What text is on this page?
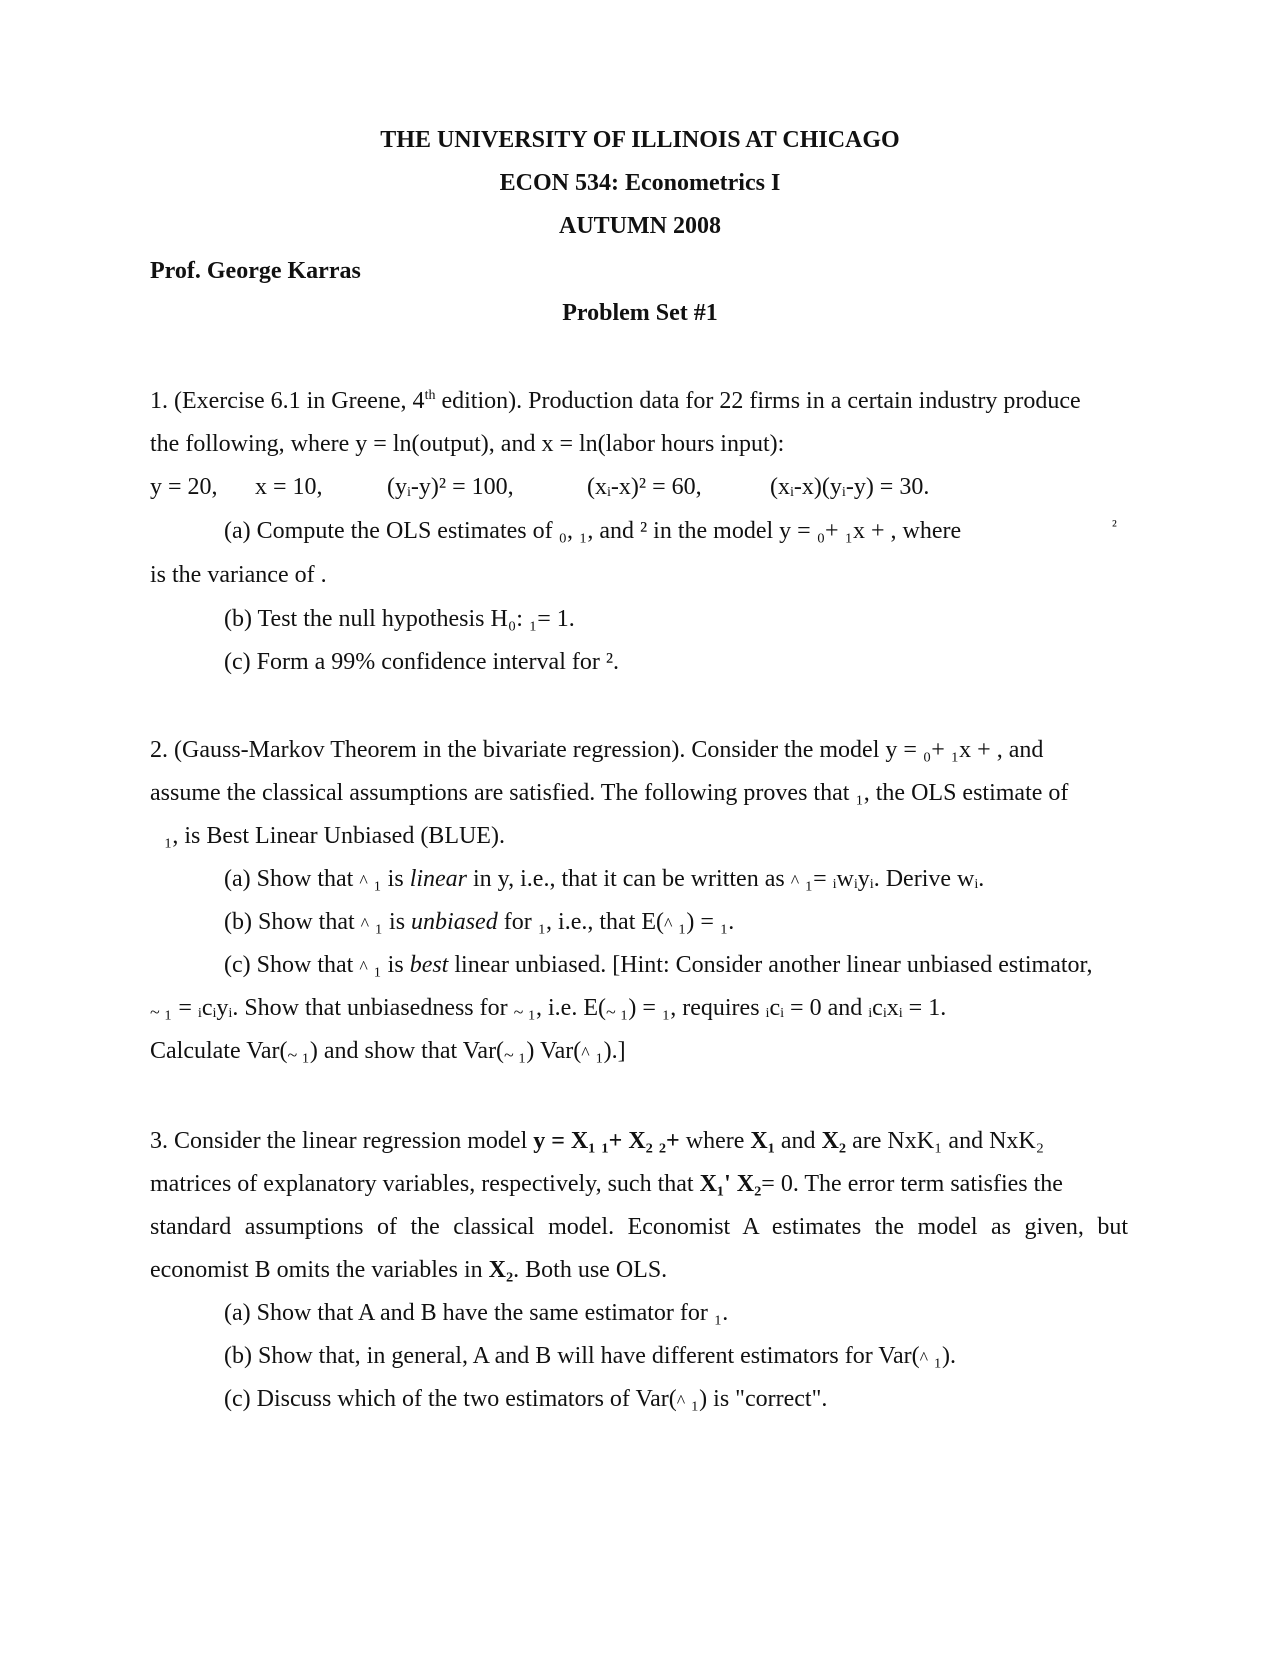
THE UNIVERSITY OF ILLINOIS AT CHICAGO
ECON 534: Econometrics I
AUTUMN 2008
Prof. George Karras
Problem Set #1
1. (Exercise 6.1 in Greene, 4th edition). Production data for 22 firms in a certain industry produce
the following, where y = ln(output), and x = ln(labor hours input):
y = 20, x = 10,	(yᵢ-y)² = 100,	(xᵢ-x)² = 60,	(xᵢ-x)(yᵢ-y) = 30.
(a) Compute the OLS estimates of ₀, ₁, and ² in the model y = ₀+ ₁x + , where	²
is the variance of .
(b) Test the null hypothesis H₀: ₁= 1.
(c) Form a 99% confidence interval for ².
2. (Gauss-Markov Theorem in the bivariate regression). Consider the model y = ₀+ ₁x + , and
assume the classical assumptions are satisfied. The following proves that ₁, the OLS estimate of
₁, is Best Linear Unbiased (BLUE).
(a) Show that ₁ is linear in y, i.e., that it can be written as ₁= ᵢwᵢyᵢ. Derive wᵢ.
(b) Show that ₁ is unbiased for ₁, i.e., that E( ₁) = ₁.
(c) Show that ₁ is best linear unbiased. [Hint: Consider another linear unbiased estimator,
₁ = ᵢcᵢyᵢ. Show that unbiasedness for ₁, i.e. E( ₁) = ₁, requires ᵢcᵢ = 0 and ᵢcᵢxᵢ = 1.
Calculate Var( ₁) and show that Var( ₁) Var( ₁).]
3. Consider the linear regression model y = X₁ ₁+ X₂ ₂+ where X₁ and X₂ are NxK₁ and NxK₂
matrices of explanatory variables, respectively, such that X₁' X₂= 0. The error term satisfies the
standard assumptions of the classical model. Economist A estimates the model as given, but
economist B omits the variables in X₂. Both use OLS.
(a) Show that A and B have the same estimator for ₁.
(b) Show that, in general, A and B will have different estimators for Var( ₁).
(c) Discuss which of the two estimators of Var( ₁) is "correct".
